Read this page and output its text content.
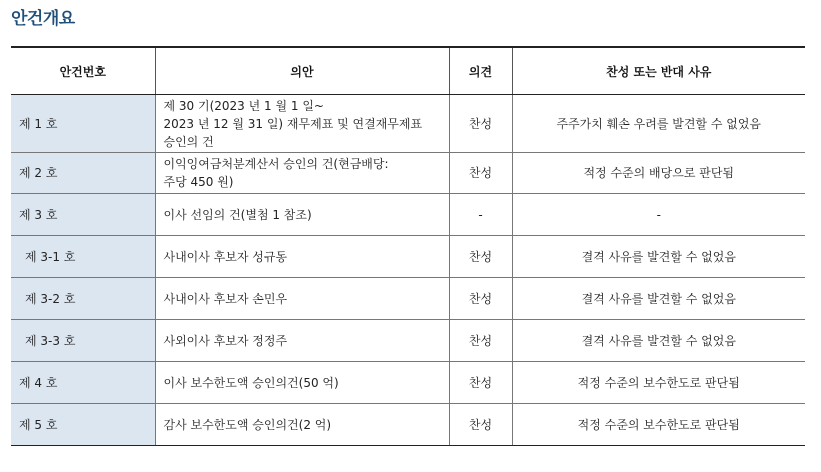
안건개요
안건번호	의안	의견	찬성 또는 반대 사유
제 1 호	제 30 기(2023 년 1 월 1 일~
2023 년 12 월 31 일) 재무제표 및 연결재무제표
승인의 건	찬성	주주가치 훼손 우려를 발견할 수 없었음
제 2 호	이익잉여금처분계산서 승인의 건(현금배당:
주당 450 원)	찬성	적정 수준의 배당으로 판단됨
제 3 호	이사 선임의 건(별첨 1 참조)	-	-
제 3-1 호	사내이사 후보자 성규동	찬성	결격 사유를 발견할 수 없었음
제 3-2 호	사내이사 후보자 손민우	찬성	결격 사유를 발견할 수 없었음
제 3-3 호	사외이사 후보자 정정주	찬성	결격 사유를 발견할 수 없었음
제 4 호	이사 보수한도액 승인의건(50 억)	찬성	적정 수준의 보수한도로 판단됨
제 5 호	감사 보수한도액 승인의건(2 억)	찬성	적정 수준의 보수한도로 판단됨
